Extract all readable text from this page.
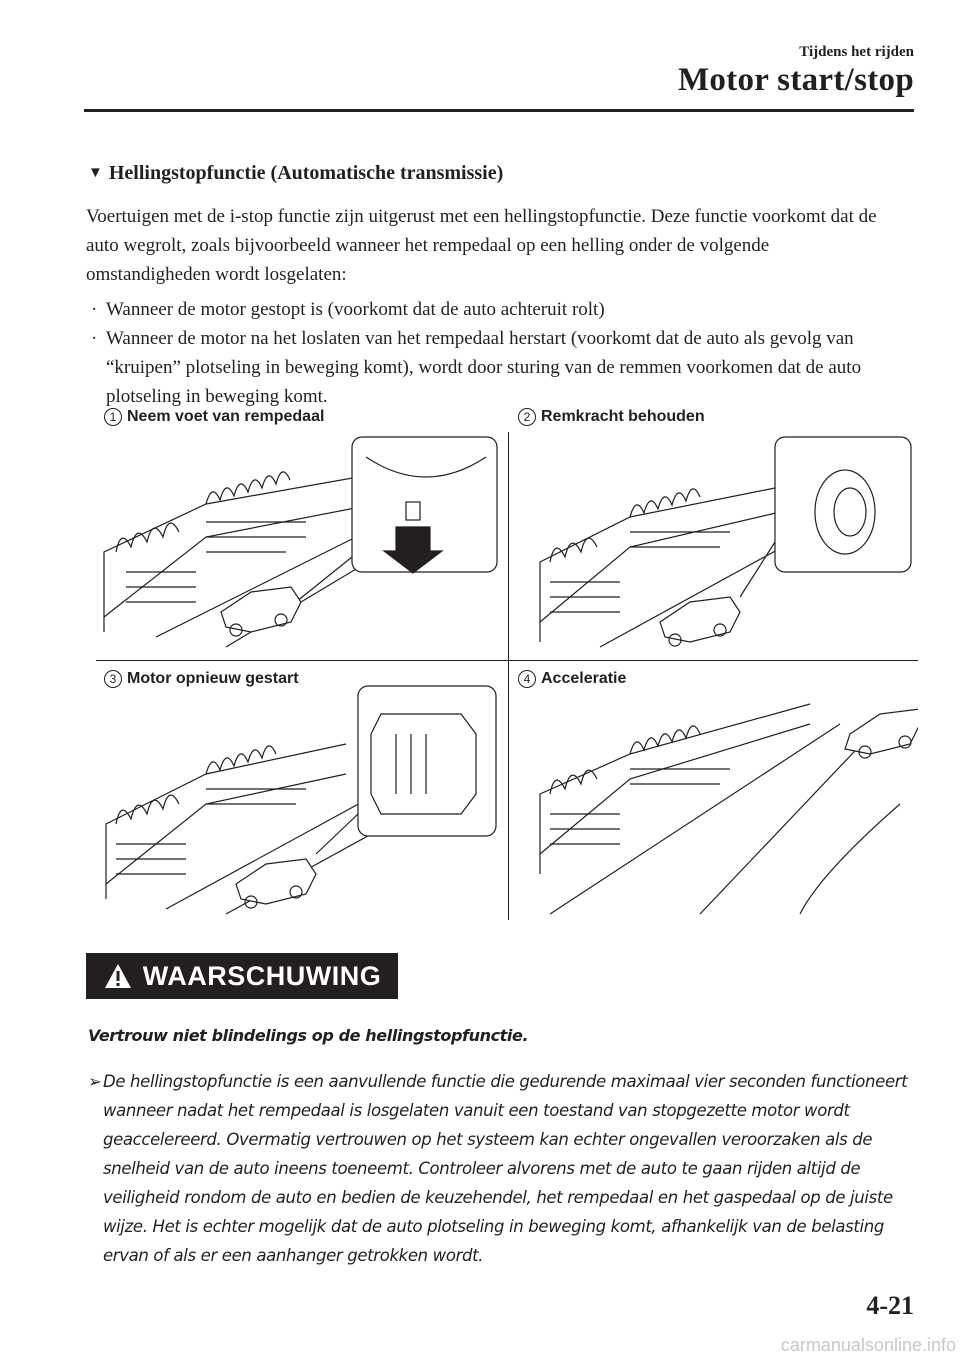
Tijdens het rijden
Motor start/stop
▼ Hellingstopfunctie (Automatische transmissie)
Voertuigen met de i-stop functie zijn uitgerust met een hellingstopfunctie. Deze functie voorkomt dat de auto wegrolt, zoals bijvoorbeeld wanneer het rempedaal op een helling onder de volgende omstandigheden wordt losgelaten:

· Wanneer de motor gestopt is (voorkomt dat de auto achteruit rolt)

· Wanneer de motor na het loslaten van het rempedaal herstart (voorkomt dat de auto als gevolg van “kruipen” plotseling in beweging komt), wordt door sturing van de remmen voorkomen dat de auto plotseling in beweging komt.

1 Neem voet van rempedaal	2 Remkracht behouden
3 Motor opnieuw gestart	4 Acceleratie
WAARSCHUWING
Vertrouw niet blindelings op de hellingstopfunctie.
➢ De hellingstopfunctie is een aanvullende functie die gedurende maximaal vier seconden functioneert wanneer nadat het rempedaal is losgelaten vanuit een toestand van stopgezette motor wordt geaccelereerd. Overmatig vertrouwen op het systeem kan echter ongevallen veroorzaken als de snelheid van de auto ineens toeneemt. Controleer alvorens met de auto te gaan rijden altijd de veiligheid rondom de auto en bedien de keuzehendel, het rempedaal en het gaspedaal op de juiste wijze. Het is echter mogelijk dat de auto plotseling in beweging komt, afhankelijk van de belasting ervan of als er een aanhanger getrokken wordt.
4-21
carmanualsonline.info
